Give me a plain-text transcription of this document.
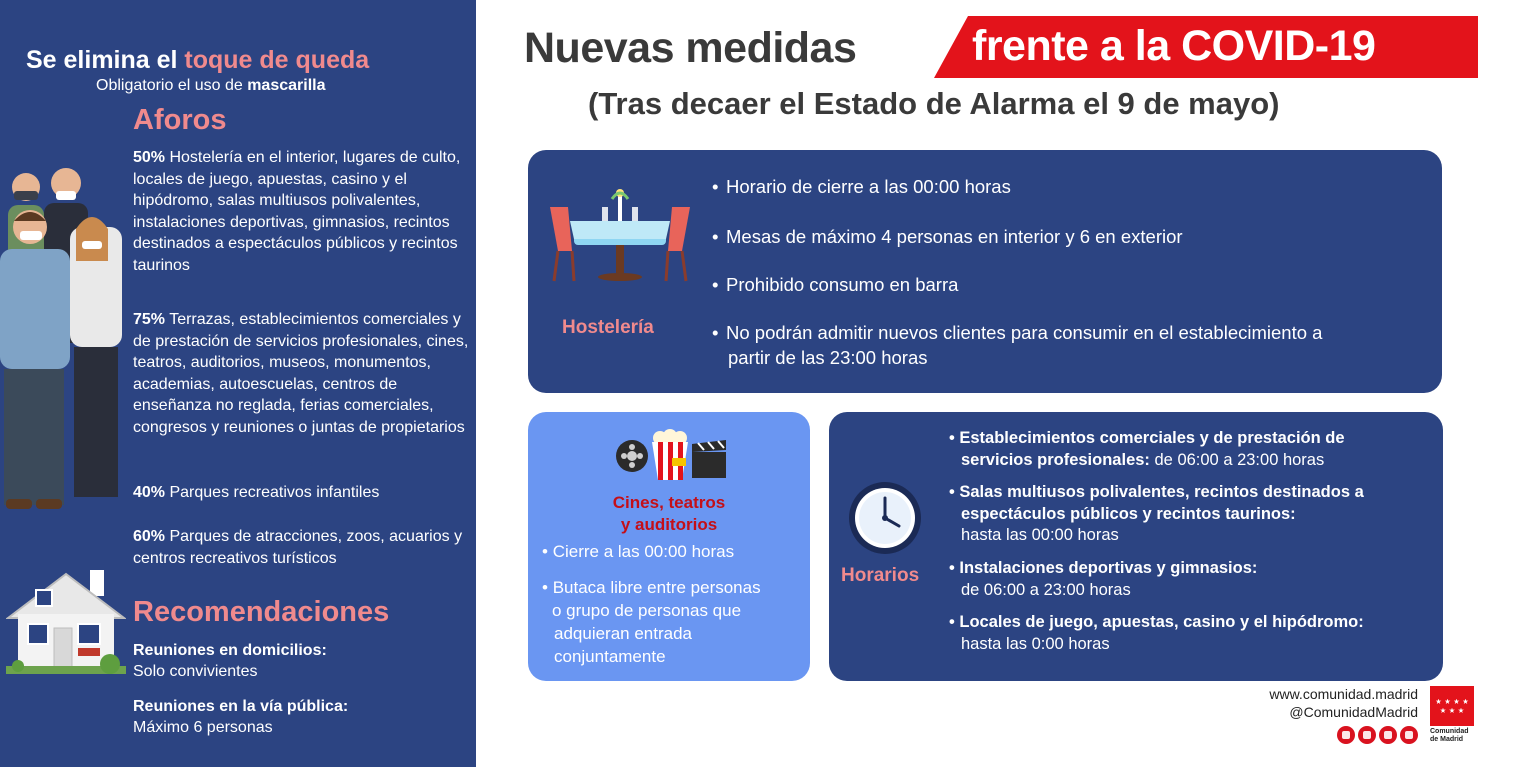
Se elimina el toque de queda
Obligatorio el uso de mascarilla
Aforos
50% Hostelería en el interior, lugares de culto, locales de juego, apuestas, casino y el hipódromo, salas multiusos polivalentes, instalaciones deportivas, gimnasios, recintos destinados a espectáculos públicos y recintos taurinos
75% Terrazas, establecimientos comerciales y de prestación de servicios profesionales, cines, teatros, auditorios, museos, monumentos, academias, autoescuelas, centros de enseñanza no reglada, ferias comerciales, congresos y reuniones o juntas de propietarios
40% Parques recreativos infantiles
60% Parques de atracciones, zoos, acuarios y centros recreativos turísticos
Recomendaciones
Reuniones en domicilios:
Solo convivientes
Reuniones en la vía pública:
Máximo 6 personas
Nuevas medidas	frente a la COVID-19
(Tras decaer el Estado de Alarma el 9 de mayo)
Hostelería
• Horario de cierre a las 00:00 horas
• Mesas de máximo 4 personas en interior y 6 en exterior
• Prohibido consumo en barra
• No podrán admitir nuevos clientes para consumir en el establecimiento a
partir de las 23:00 horas
Cines, teatros
y auditorios
• Cierre a las 00:00 horas
• Butaca libre entre personas
o grupo de personas que
adquieran entrada
conjuntamente
Horarios
• Establecimientos comerciales y de prestación de
servicios profesionales: de 06:00 a 23:00 horas
• Salas multiusos polivalentes, recintos destinados a
espectáculos públicos y recintos taurinos:
hasta las 00:00 horas
• Instalaciones deportivas y gimnasios:
de 06:00 a 23:00 horas
• Locales de juego, apuestas, casino y el hipódromo:
hasta las 0:00 horas
www.comunidad.madrid
@ComunidadMadrid
Comunidad
de Madrid
